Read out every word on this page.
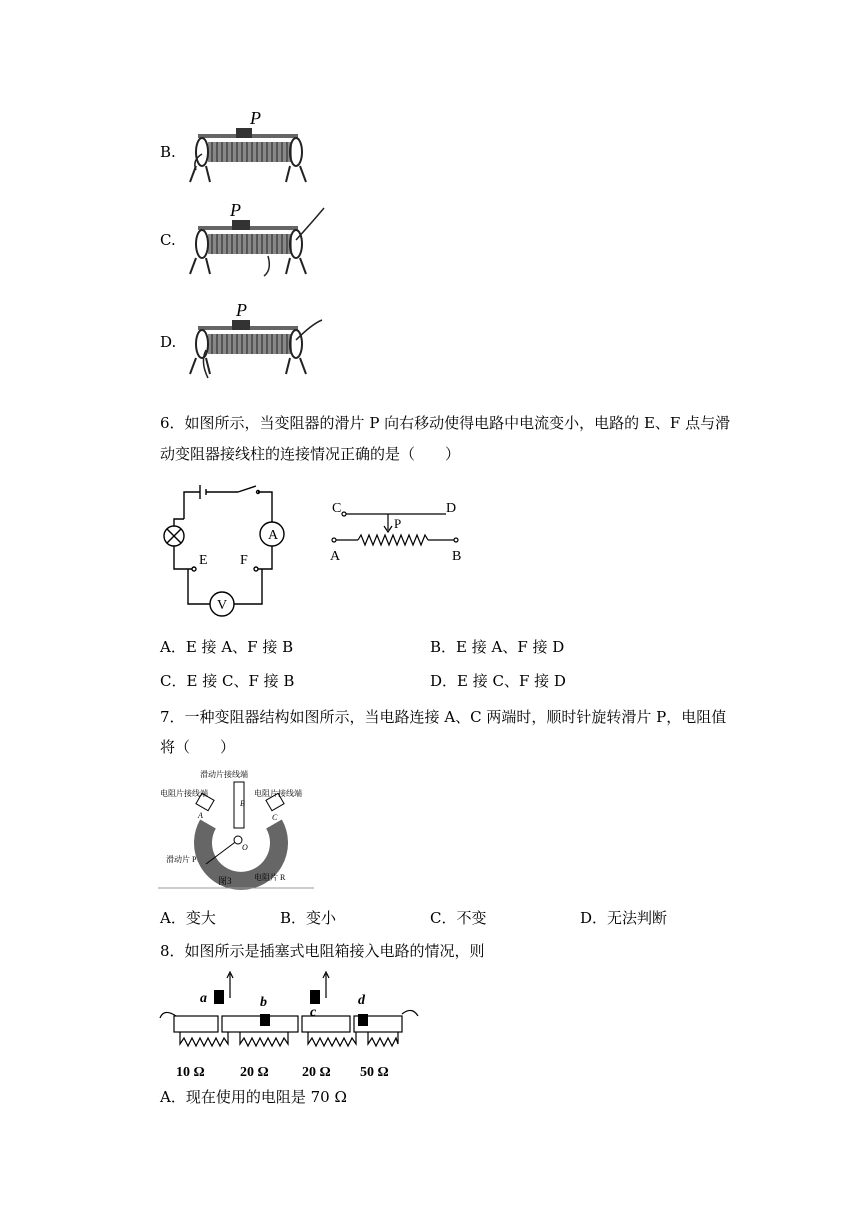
B.
P
C.
P
D.
P
6．如图所示，当变阻器的滑片 P 向右移动使得电路中电流变小，电路的 E、F 点与滑
动变阻器接线柱的连接情况正确的是（　　）
A
V
E F
C	D
P
A	B
A．E 接 A、F 接 B	B．E 接 A、F 接 D
C．E 接 C、F 接 B	D．E 接 C、F 接 D
7．一种变阻器结构如图所示，当电路连接 A、C 两端时，顺时针旋转滑片 P，电阻值
将（　　）
滑动片接线端
电阻片接线端	电阻片接线端
A
B
C
O
滑动片 P
图3	电阻片 R
A．变大	B．变小	C．不变	D．无法判断
8．如图所示是插塞式电阻箱接入电路的情况，则
a	b
c
d
10 Ω	20 Ω 20 Ω 50 Ω
A．现在使用的电阻是 70 Ω
